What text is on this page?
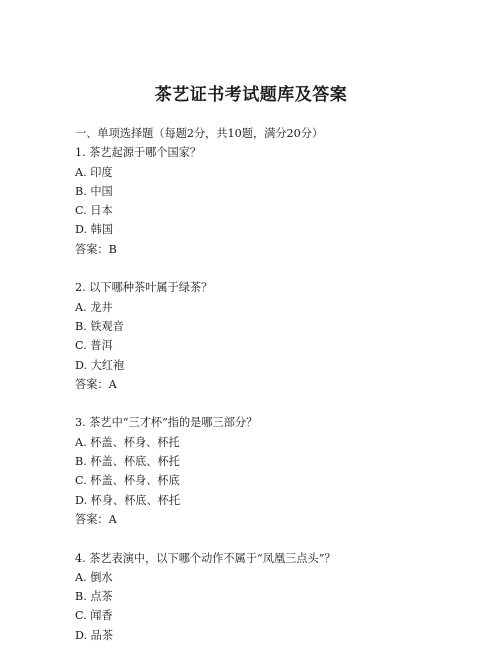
茶艺证书考试题库及答案
一、单项选择题（每题2分，共10题，满分20分）
1. 茶艺起源于哪个国家？
A. 印度
B. 中国
C. 日本
D. 韩国
答案：B
2. 以下哪种茶叶属于绿茶？
A. 龙井
B. 铁观音
C. 普洱
D. 大红袍
答案：A
3. 茶艺中“三才杯”指的是哪三部分？
A. 杯盖、杯身、杯托
B. 杯盖、杯底、杯托
C. 杯盖、杯身、杯底
D. 杯身、杯底、杯托
答案：A
4. 茶艺表演中，以下哪个动作不属于“凤凰三点头”？
A. 倒水
B. 点茶
C. 闻香
D. 品茶
